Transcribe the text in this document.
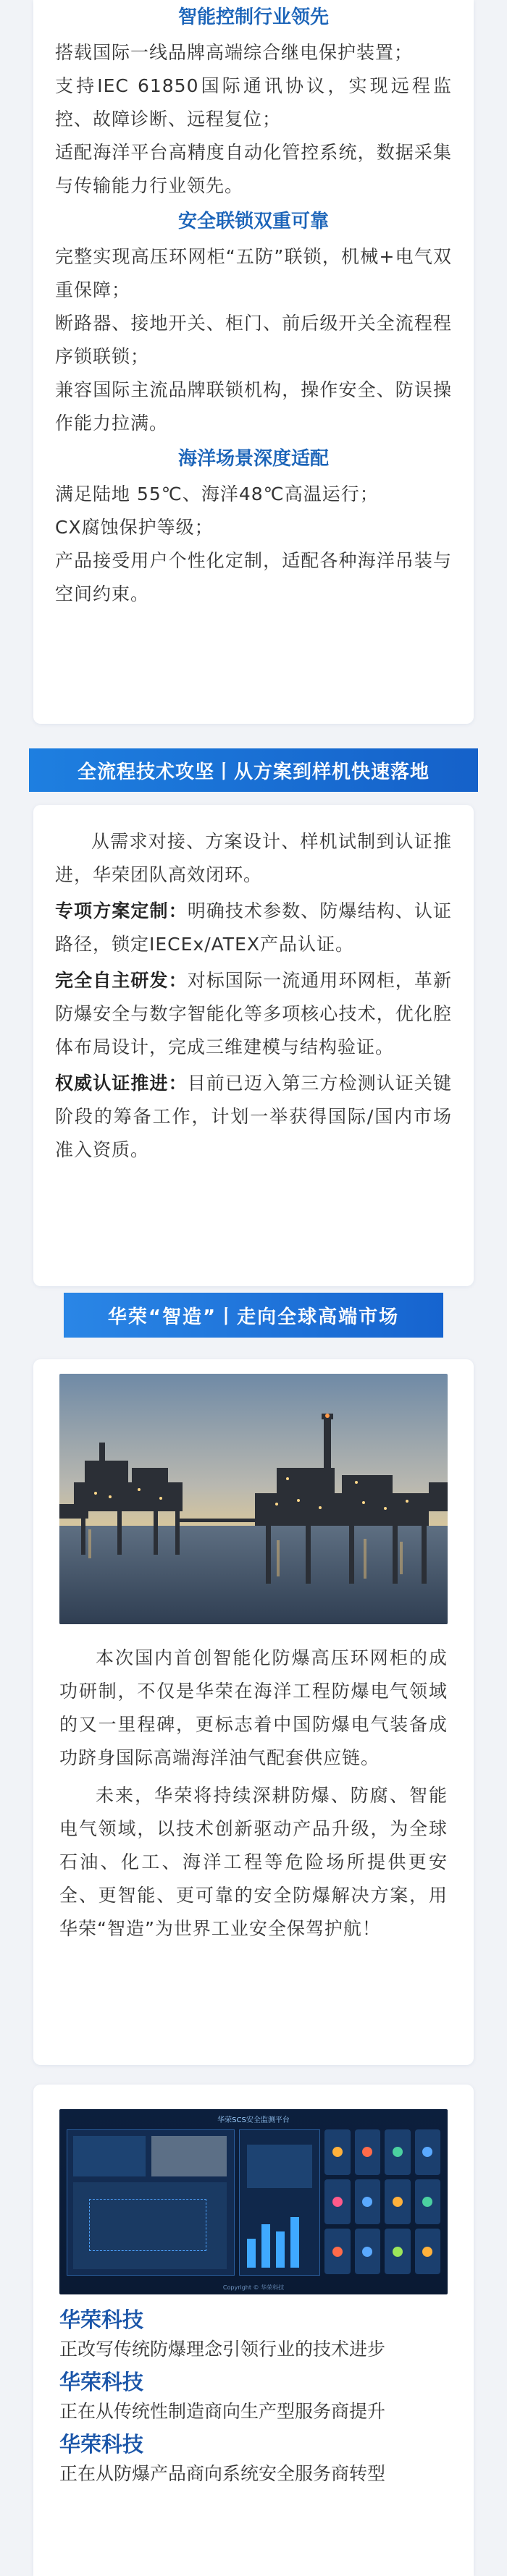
智能控制行业领先

搭载国际一线品牌高端综合继电保护装置；

支持IEC 61850国际通讯协议，实现远程监控、故障诊断、远程复位；

适配海洋平台高精度自动化管控系统，数据采集与传输能力行业领先。

安全联锁双重可靠

完整实现高压环网柜“五防”联锁，机械+电气双重保障；

断路器、接地开关、柜门、前后级开关全流程程序锁联锁；

兼容国际主流品牌联锁机构，操作安全、防误操作能力拉满。

海洋场景深度适配

满足陆地 55℃、海洋48℃高温运行；

CX腐蚀保护等级；

产品接受用户个性化定制，适配各种海洋吊装与空间约束。

全流程技术攻坚丨从方案到样机快速落地

从需求对接、方案设计、样机试制到认证推进，华荣团队高效闭环。

专项方案定制：明确技术参数、防爆结构、认证路径，锁定IECEx/ATEX产品认证。

完全自主研发：对标国际一流通用环网柜，革新防爆安全与数字智能化等多项核心技术，优化腔体布局设计，完成三维建模与结构验证。

权威认证推进：目前已迈入第三方检测认证关键阶段的筹备工作，计划一举获得国际/国内市场准入资质。

华荣“智造”丨走向全球高端市场

本次国内首创智能化防爆高压环网柜的成功研制，不仅是华荣在海洋工程防爆电气领域的又一里程碑，更标志着中国防爆电气装备成功跻身国际高端海洋油气配套供应链。

未来，华荣将持续深耕防爆、防腐、智能电气领域，以技术创新驱动产品升级，为全球石油、化工、海洋工程等危险场所提供更安全、更智能、更可靠的安全防爆解决方案，用华荣“智造”为世界工业安全保驾护航！

华荣SCS安全监测平台
Copyright © 华荣科技

华荣科技

正改写传统防爆理念引领行业的技术进步

华荣科技

正在从传统性制造商向生产型服务商提升

华荣科技

正在从防爆产品商向系统安全服务商转型
